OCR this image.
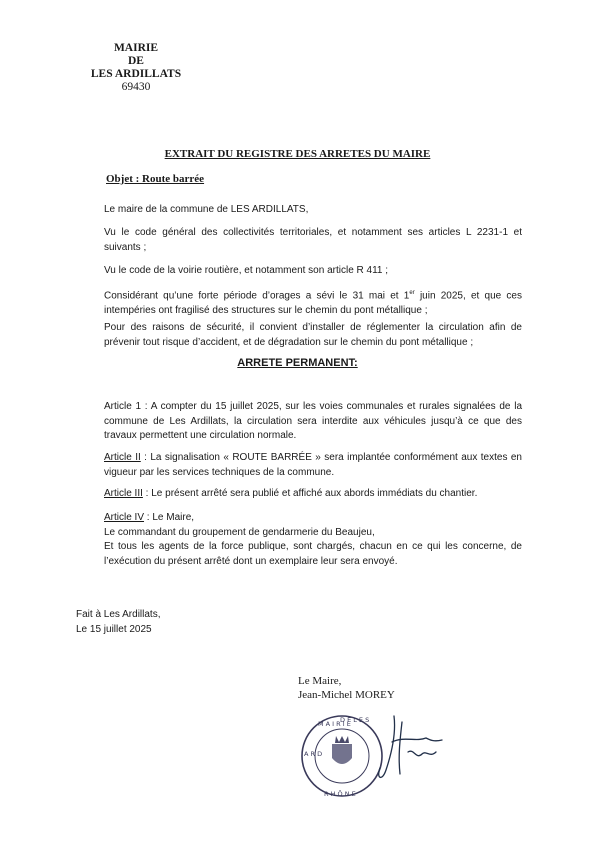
MAIRIE
DE
LES ARDILLATS
69430
EXTRAIT DU REGISTRE DES ARRETES DU MAIRE
Objet : Route barrée
Le maire de la commune de LES ARDILLATS,
Vu le code général des collectivités territoriales, et notamment ses articles L 2231-1 et suivants ;
Vu le code de la voirie routière, et notamment son article R 411 ;
Considérant qu’une forte période d’orages a sévi le 31 mai et 1er juin 2025, et que ces intempéries ont fragilisé des structures sur le chemin du pont métallique ;
Pour des raisons de sécurité, il convient d’installer de réglementer la circulation afin de prévenir tout risque d’accident, et de dégradation sur le chemin du pont métallique ;
ARRETE PERMANENT:
Article 1 : A compter du 15 juillet 2025, sur les voies communales et rurales signalées de la commune de Les Ardillats, la circulation sera interdite aux véhicules jusqu’à ce que des travaux permettent une circulation normale.
Article II : La signalisation « ROUTE BARRÉE » sera implantée conformément aux textes en vigueur par les services techniques de la commune.
Article III : Le présent arrêté sera publié et affiché aux abords immédiats du chantier.
Article IV : Le Maire,
Le commandant du groupement de gendarmerie du Beaujeu,
Et tous les agents de la force publique, sont chargés, chacun en ce qui les concerne, de l’exécution du présent arrêté dont un exemplaire leur sera envoyé.
Fait à Les Ardillats,
Le 15 juillet 2025
Le Maire,
Jean-Michel MOREY
M A I R I E
D E L E S
A R D
R H Ô N E
